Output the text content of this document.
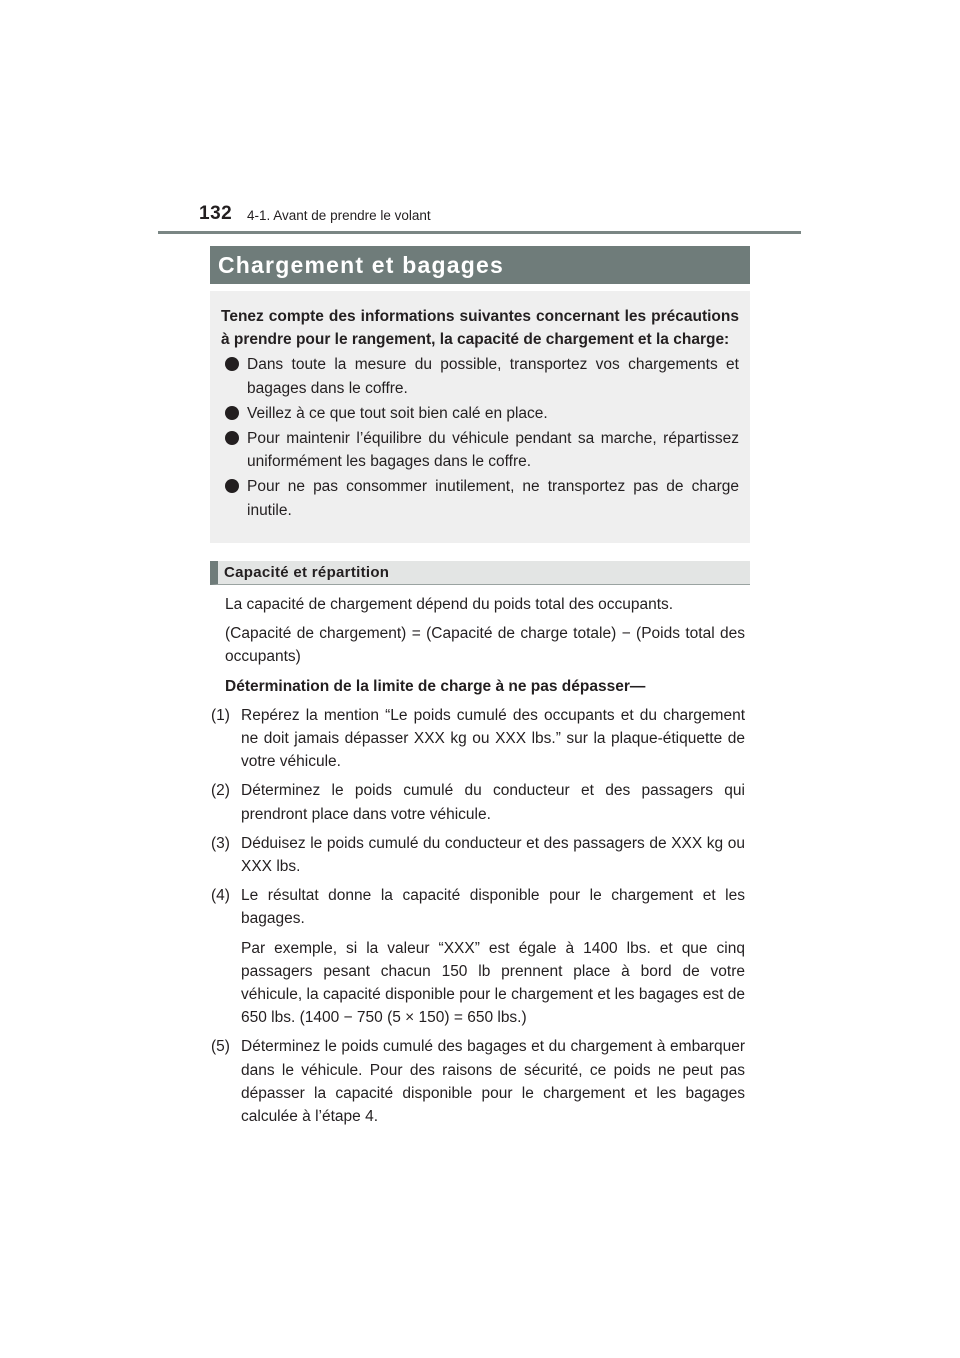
132 4-1. Avant de prendre le volant
Chargement et bagages
Tenez compte des informations suivantes concernant les précautions à prendre pour le rangement, la capacité de chargement et la charge:
Dans toute la mesure du possible, transportez vos chargements et bagages dans le coffre.
Veillez à ce que tout soit bien calé en place.
Pour maintenir l’équilibre du véhicule pendant sa marche, répartissez uniformément les bagages dans le coffre.
Pour ne pas consommer inutilement, ne transportez pas de charge inutile.
Capacité et répartition

La capacité de chargement dépend du poids total des occupants.

(Capacité de chargement) = (Capacité de charge totale) − (Poids total des occupants)

Détermination de la limite de charge à ne pas dépasser—

(1) Repérez la mention “Le poids cumulé des occupants et du chargement ne doit jamais dépasser XXX kg ou XXX lbs.” sur la plaque-étiquette de votre véhicule.

(2) Déterminez le poids cumulé du conducteur et des passagers qui prendront place dans votre véhicule.

(3) Déduisez le poids cumulé du conducteur et des passagers de XXX kg ou XXX lbs.

(4) Le résultat donne la capacité disponible pour le chargement et les bagages.

Par exemple, si la valeur “XXX” est égale à 1400 lbs. et que cinq passagers pesant chacun 150 lb prennent place à bord de votre véhicule, la capacité disponible pour le chargement et les bagages est de 650 lbs. (1400 − 750 (5 × 150) = 650 lbs.)

(5) Déterminez le poids cumulé des bagages et du chargement à embarquer dans le véhicule. Pour des raisons de sécurité, ce poids ne peut pas dépasser la capacité disponible pour le chargement et les bagages calculée à l’étape 4.
